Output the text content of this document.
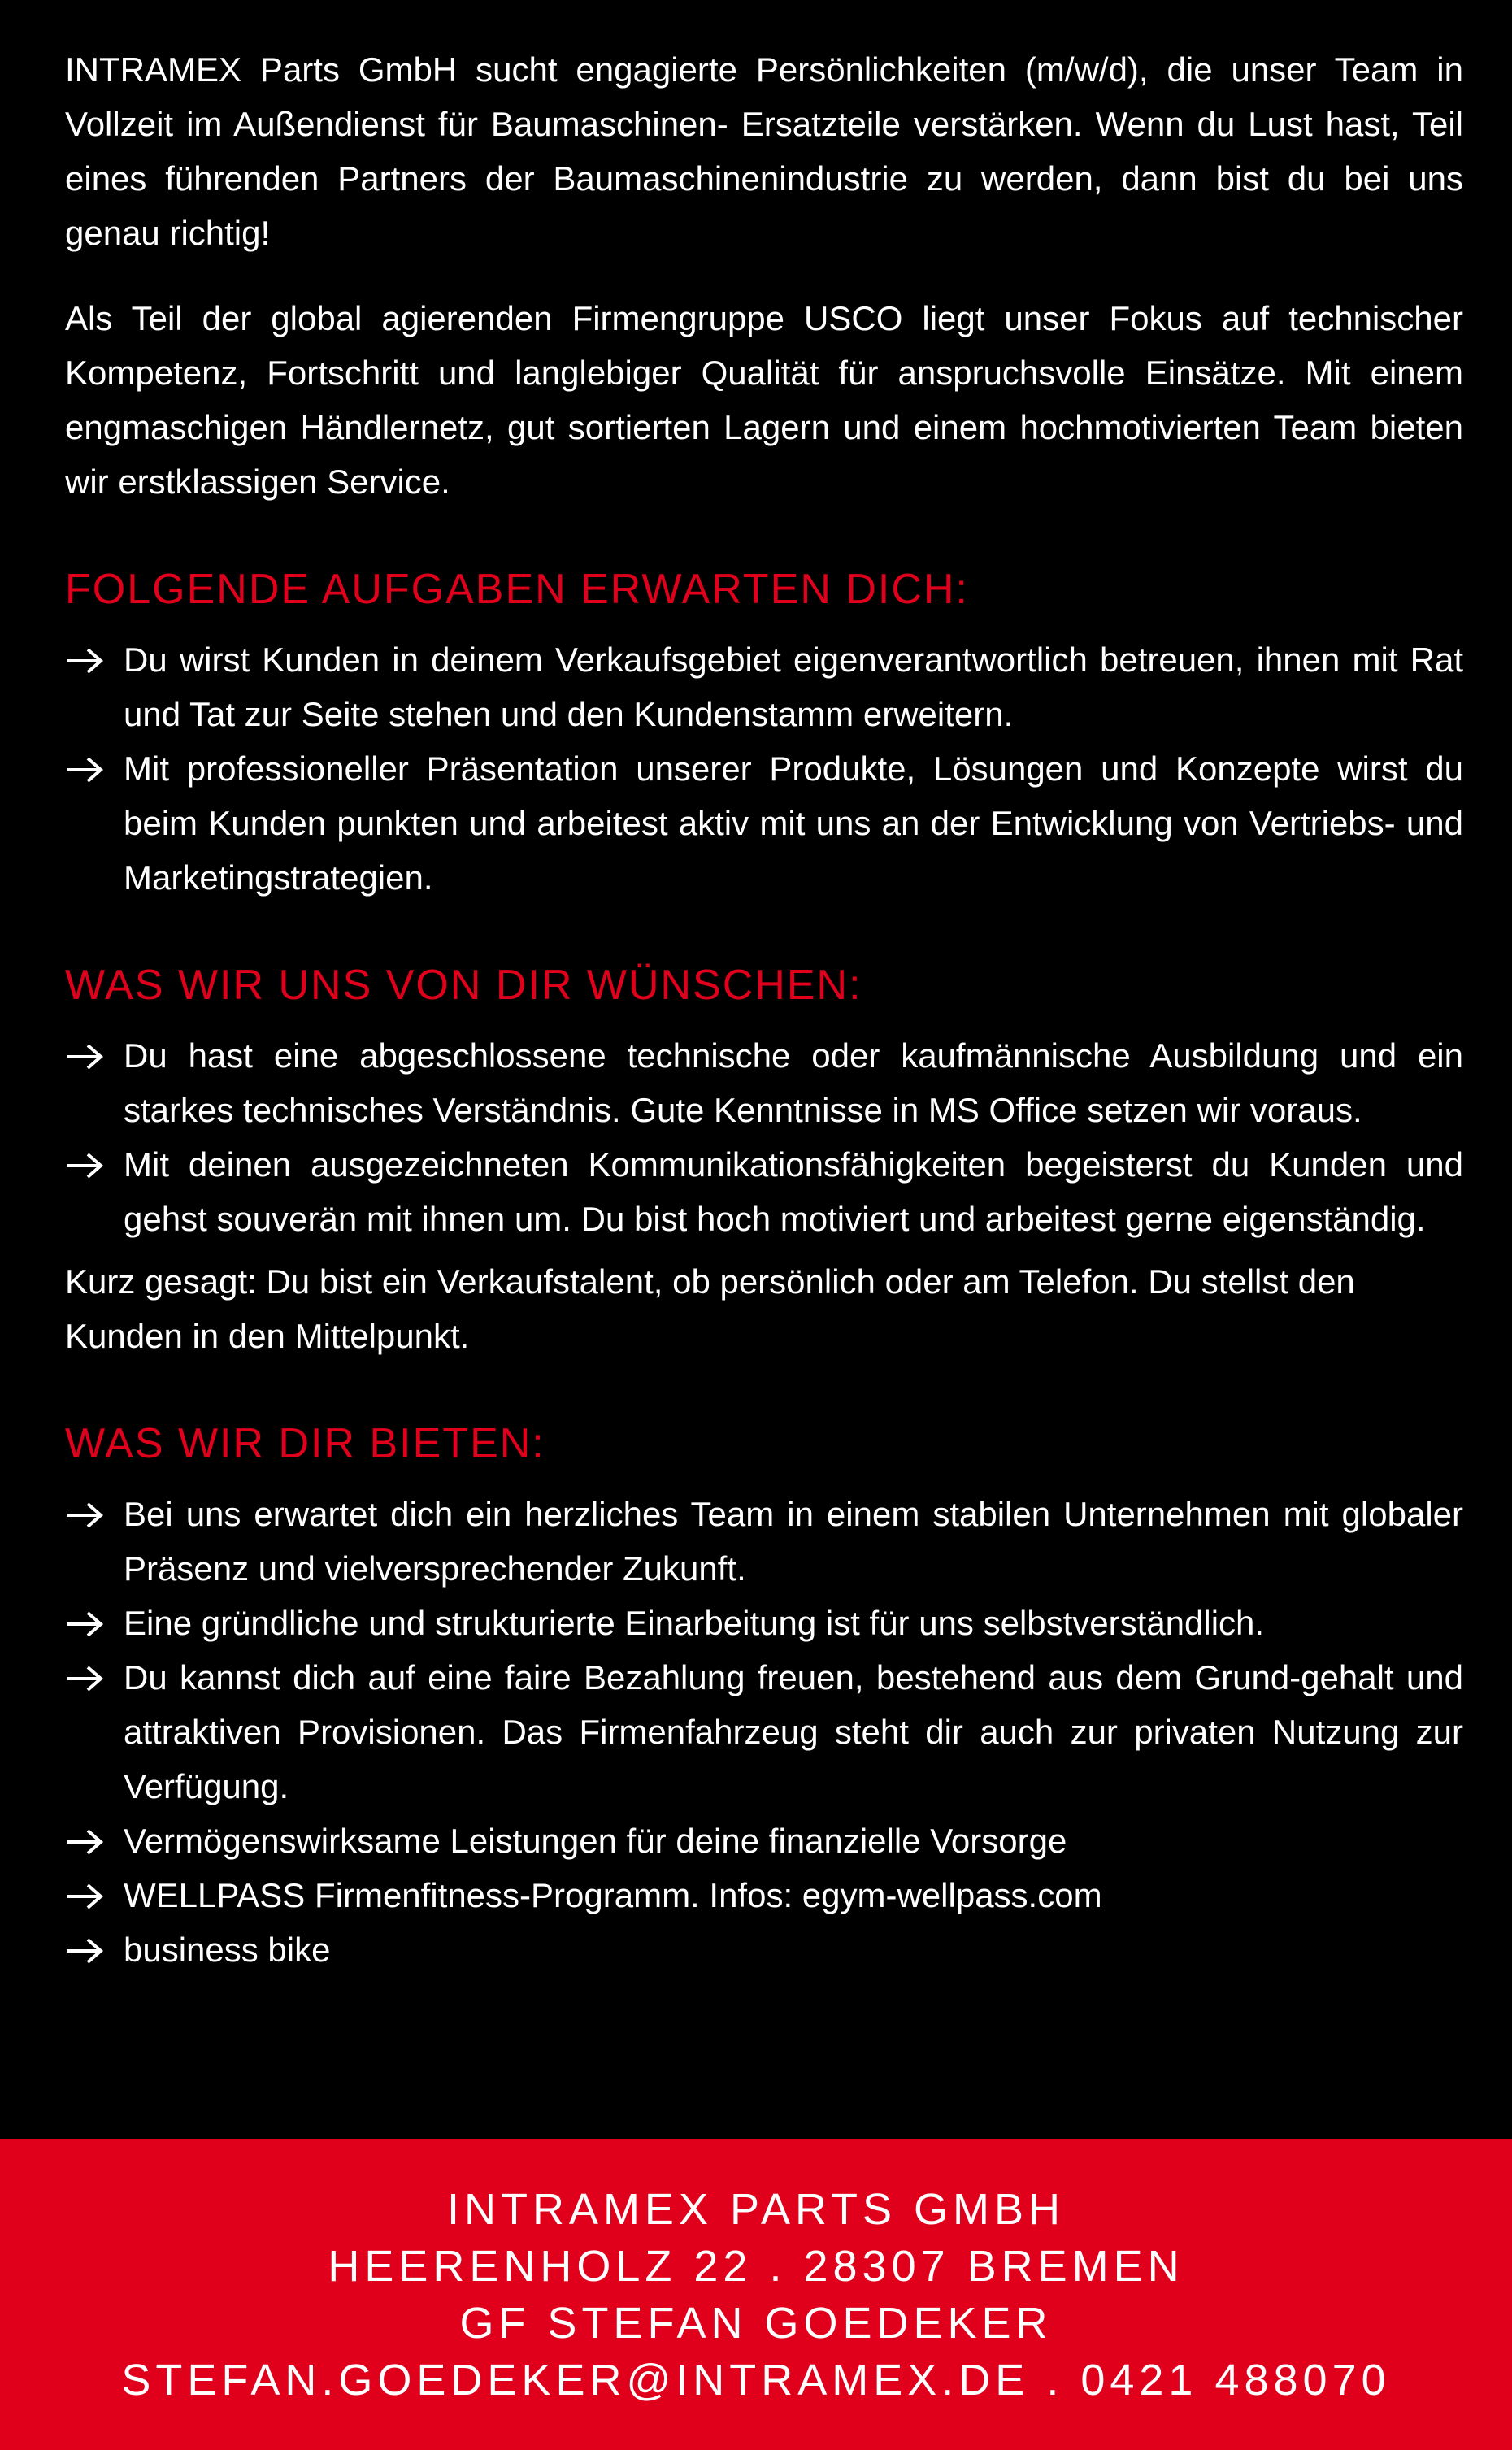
INTRAMEX Parts GmbH sucht engagierte Persönlichkeiten (m/w/d), die unser Team in Vollzeit im Außendienst für Baumaschinen- Ersatzteile verstärken. Wenn du Lust hast, Teil eines führenden Partners der Baumaschinenindustrie zu werden, dann bist du bei uns genau richtig!

Als Teil der global agierenden Firmengruppe USCO liegt unser Fokus auf technischer Kompetenz, Fortschritt und langlebiger Qualität für anspruchsvolle Einsätze. Mit einem engmaschigen Händlernetz, gut sortierten Lagern und einem hochmotivierten Team bieten wir erstklassigen Service.

FOLGENDE AUFGABEN ERWARTEN DICH:
Du wirst Kunden in deinem Verkaufsgebiet eigenverantwortlich betreuen, ihnen mit Rat und Tat zur Seite stehen und den Kundenstamm erweitern.
Mit professioneller Präsentation unserer Produkte, Lösungen und Konzepte wirst du beim Kunden punkten und arbeitest aktiv mit uns an der Entwicklung von Vertriebs- und Marketingstrategien.
WAS WIR UNS VON DIR WÜNSCHEN:
Du hast eine abgeschlossene technische oder kaufmännische Ausbildung und ein starkes technisches Verständnis. Gute Kenntnisse in MS Office setzen wir voraus.
Mit deinen ausgezeichneten Kommunikationsfähigkeiten begeisterst du Kunden und gehst souverän mit ihnen um. Du bist hoch motiviert und arbeitest gerne eigenständig.

Kurz gesagt: Du bist ein Verkaufstalent, ob persönlich oder am Telefon. Du stellst den Kunden in den Mittelpunkt.

WAS WIR DIR BIETEN:
Bei uns erwartet dich ein herzliches Team in einem stabilen Unternehmen mit globaler Präsenz und vielversprechender Zukunft.
Eine gründliche und strukturierte Einarbeitung ist für uns selbstverständlich.
Du kannst dich auf eine faire Bezahlung freuen, bestehend aus dem Grund-gehalt und attraktiven Provisionen. Das Firmenfahrzeug steht dir auch zur privaten Nutzung zur Verfügung.
Vermögenswirksame Leistungen für deine finanzielle Vorsorge
WELLPASS Firmenfitness-Programm. Infos: egym-wellpass.com
business bike
INTRAMEX PARTS GMBH
HEERENHOLZ 22 . 28307 BREMEN
GF STEFAN GOEDEKER
STEFAN.GOEDEKER@INTRAMEX.DE . 0421 488070
